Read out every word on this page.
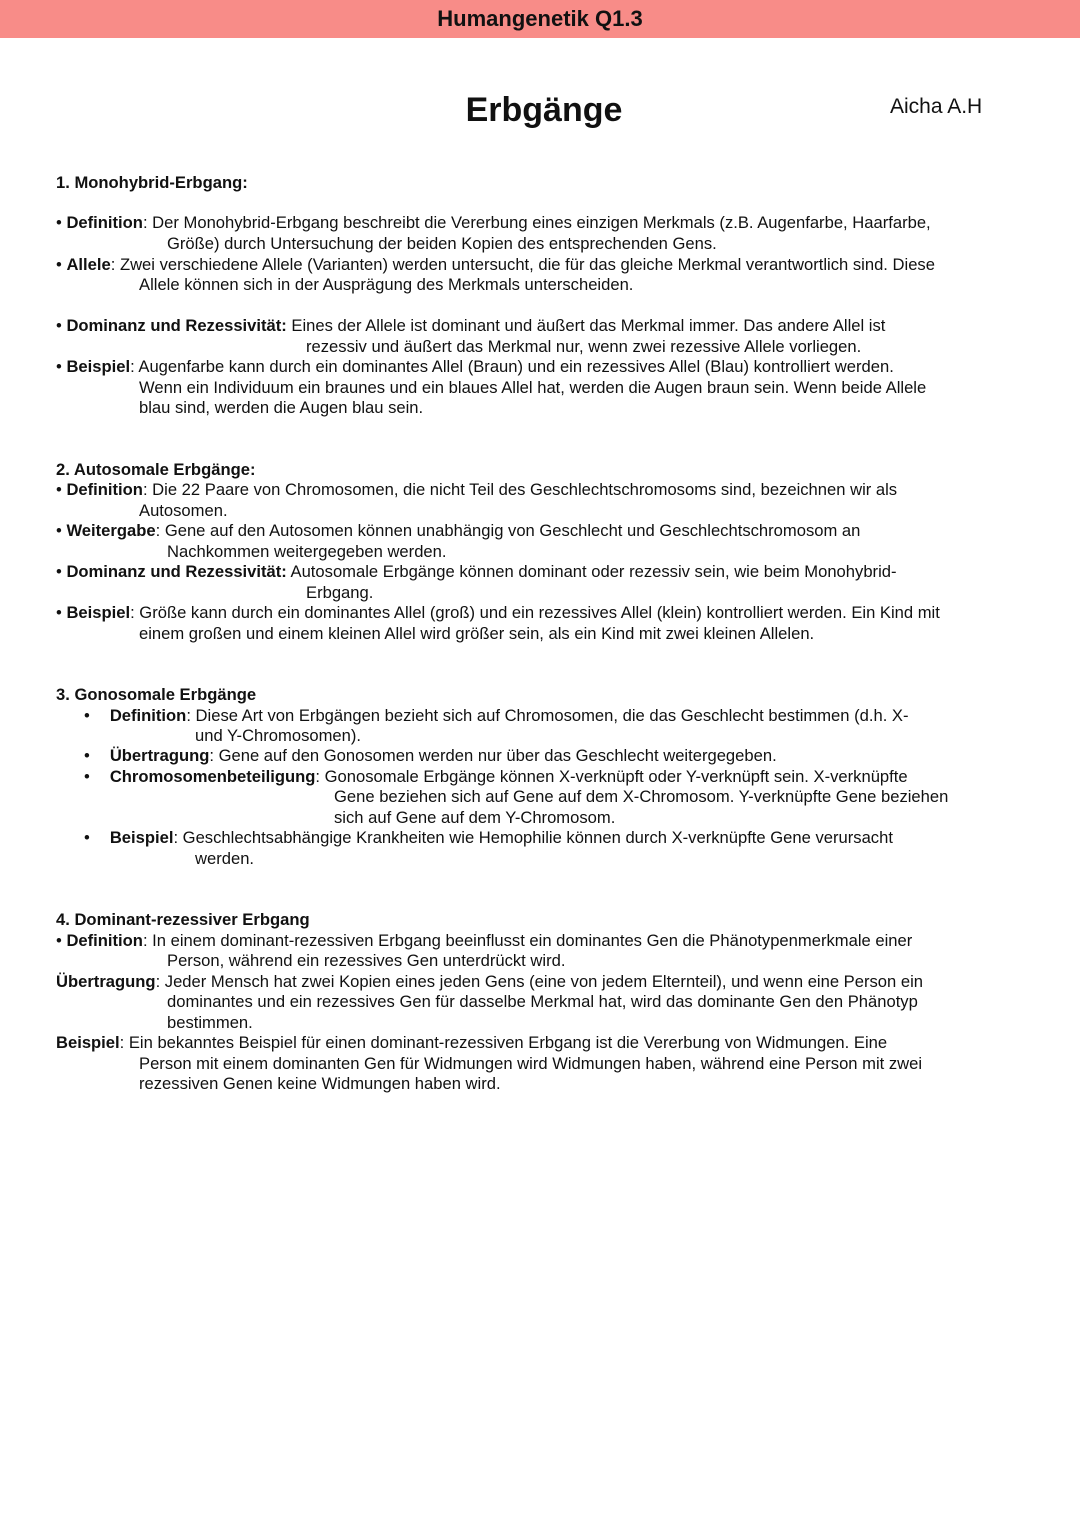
Humangenetik Q1.3
Erbgänge	Aicha A.H
1. Monohybrid-Erbgang:
• Definition: Der Monohybrid-Erbgang beschreibt die Vererbung eines einzigen Merkmals (z.B. Augenfarbe, Haarfarbe,
Größe) durch Untersuchung der beiden Kopien des entsprechenden Gens.
• Allele: Zwei verschiedene Allele (Varianten) werden untersucht, die für das gleiche Merkmal verantwortlich sind. Diese
Allele können sich in der Ausprägung des Merkmals unterscheiden.
• Dominanz und Rezessivität: Eines der Allele ist dominant und äußert das Merkmal immer. Das andere Allel ist
rezessiv und äußert das Merkmal nur, wenn zwei rezessive Allele vorliegen.
• Beispiel: Augenfarbe kann durch ein dominantes Allel (Braun) und ein rezessives Allel (Blau) kontrolliert werden.
Wenn ein Individuum ein braunes und ein blaues Allel hat, werden die Augen braun sein. Wenn beide Allele
blau sind, werden die Augen blau sein.
2. Autosomale Erbgänge:
• Definition: Die 22 Paare von Chromosomen, die nicht Teil des Geschlechtschromosoms sind, bezeichnen wir als
Autosomen.
• Weitergabe: Gene auf den Autosomen können unabhängig von Geschlecht und Geschlechtschromosom an
Nachkommen weitergegeben werden.
• Dominanz und Rezessivität: Autosomale Erbgänge können dominant oder rezessiv sein, wie beim Monohybrid-
Erbgang.
• Beispiel: Größe kann durch ein dominantes Allel (groß) und ein rezessives Allel (klein) kontrolliert werden. Ein Kind mit
einem großen und einem kleinen Allel wird größer sein, als ein Kind mit zwei kleinen Allelen.
3. Gonosomale Erbgänge
• Definition: Diese Art von Erbgängen bezieht sich auf Chromosomen, die das Geschlecht bestimmen (d.h. X-
und Y-Chromosomen).
• Übertragung: Gene auf den Gonosomen werden nur über das Geschlecht weitergegeben.
• Chromosomenbeteiligung: Gonosomale Erbgänge können X-verknüpft oder Y-verknüpft sein. X-verknüpfte
Gene beziehen sich auf Gene auf dem X-Chromosom. Y-verknüpfte Gene beziehen
sich auf Gene auf dem Y-Chromosom.
• Beispiel: Geschlechtsabhängige Krankheiten wie Hemophilie können durch X-verknüpfte Gene verursacht
werden.
4. Dominant-rezessiver Erbgang
• Definition: In einem dominant-rezessiven Erbgang beeinflusst ein dominantes Gen die Phänotypenmerkmale einer
Person, während ein rezessives Gen unterdrückt wird.
Übertragung: Jeder Mensch hat zwei Kopien eines jeden Gens (eine von jedem Elternteil), und wenn eine Person ein
dominantes und ein rezessives Gen für dasselbe Merkmal hat, wird das dominante Gen den Phänotyp
bestimmen.
Beispiel: Ein bekanntes Beispiel für einen dominant-rezessiven Erbgang ist die Vererbung von Widmungen. Eine
Person mit einem dominanten Gen für Widmungen wird Widmungen haben, während eine Person mit zwei
rezessiven Genen keine Widmungen haben wird.
